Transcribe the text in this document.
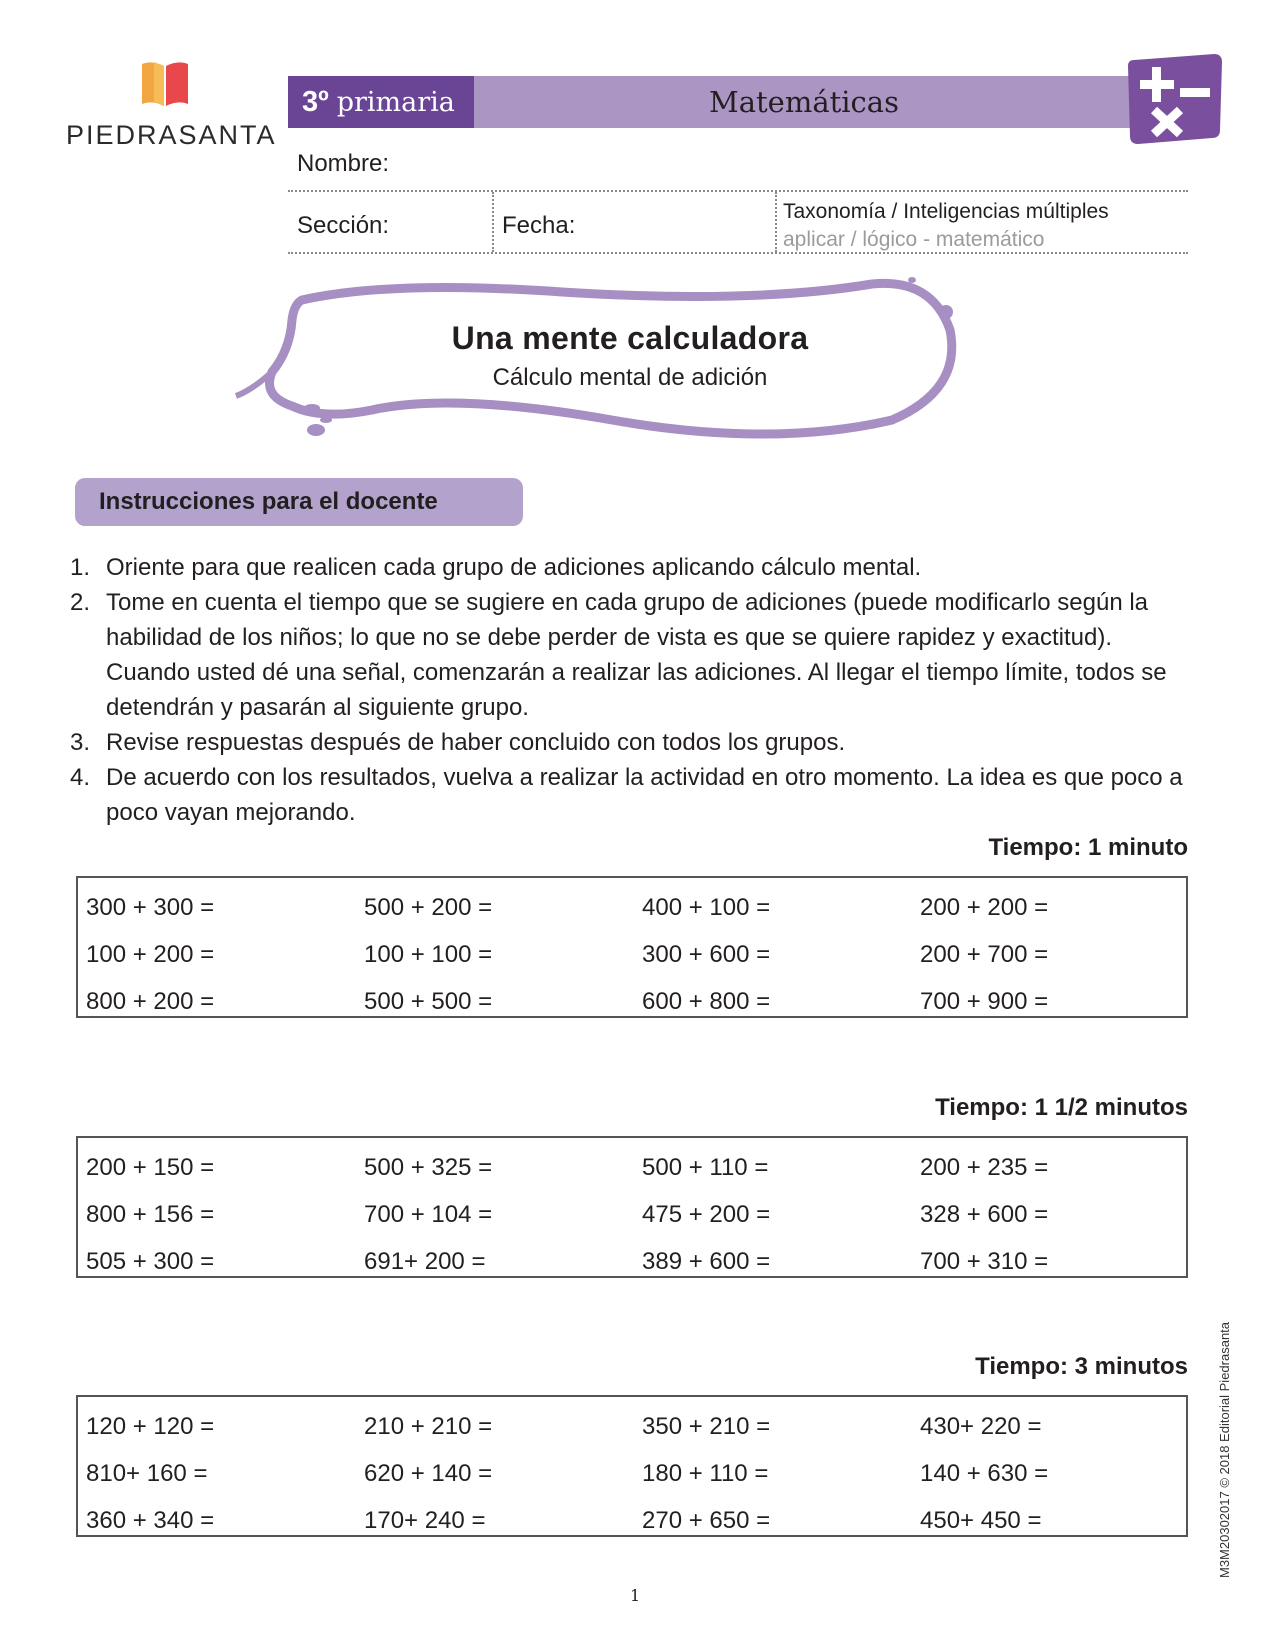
PIEDRASANTA
3º primaria	Matemáticas
Nombre:
Sección:	Fecha:
Taxonomía / Inteligencias múltiples
aplicar / lógico - matemático
Una mente calculadora
Cálculo mental de adición
Instrucciones para el docente
1. Oriente para que realicen cada grupo de adiciones aplicando cálculo mental.
2. Tome en cuenta el tiempo que se sugiere en cada grupo de adiciones (puede modificarlo según la habilidad de los niños; lo que no se debe perder de vista es que se quiere rapidez y exactitud). Cuando usted dé una señal, comenzarán a realizar las adiciones. Al llegar el tiempo límite, todos se detendrán y pasarán al siguiente grupo.
3. Revise respuestas después de haber concluido con todos los grupos.
4. De acuerdo con los resultados, vuelva a realizar la actividad en otro momento. La idea es que poco a poco vayan mejorando.
Tiempo: 1 minuto
300 + 300 =	500 + 200 =	400 + 100 =	200 + 200 =
100 + 200 =	100 + 100 =	300 + 600 =	200 + 700 =
800 + 200 =	500 + 500 =	600 + 800 =	700 + 900 =
Tiempo: 1 1/2 minutos
200 + 150 =	500 + 325 =	500 + 110 =	200 + 235 =
800 + 156 =	700 + 104 =	475 + 200 =	328 + 600 =
505 + 300 =	691+ 200 =	389 + 600 =	700 + 310 =
Tiempo: 3 minutos
120 + 120 =	210 + 210 =	350 + 210 =	430+ 220 =
810+ 160 =	620 + 140 =	180 + 110 =	140 + 630 =
360 + 340 =	170+ 240 =	270 + 650 =	450+ 450 =	M3M20302017 © 2018 Editorial Piedrasanta
1
